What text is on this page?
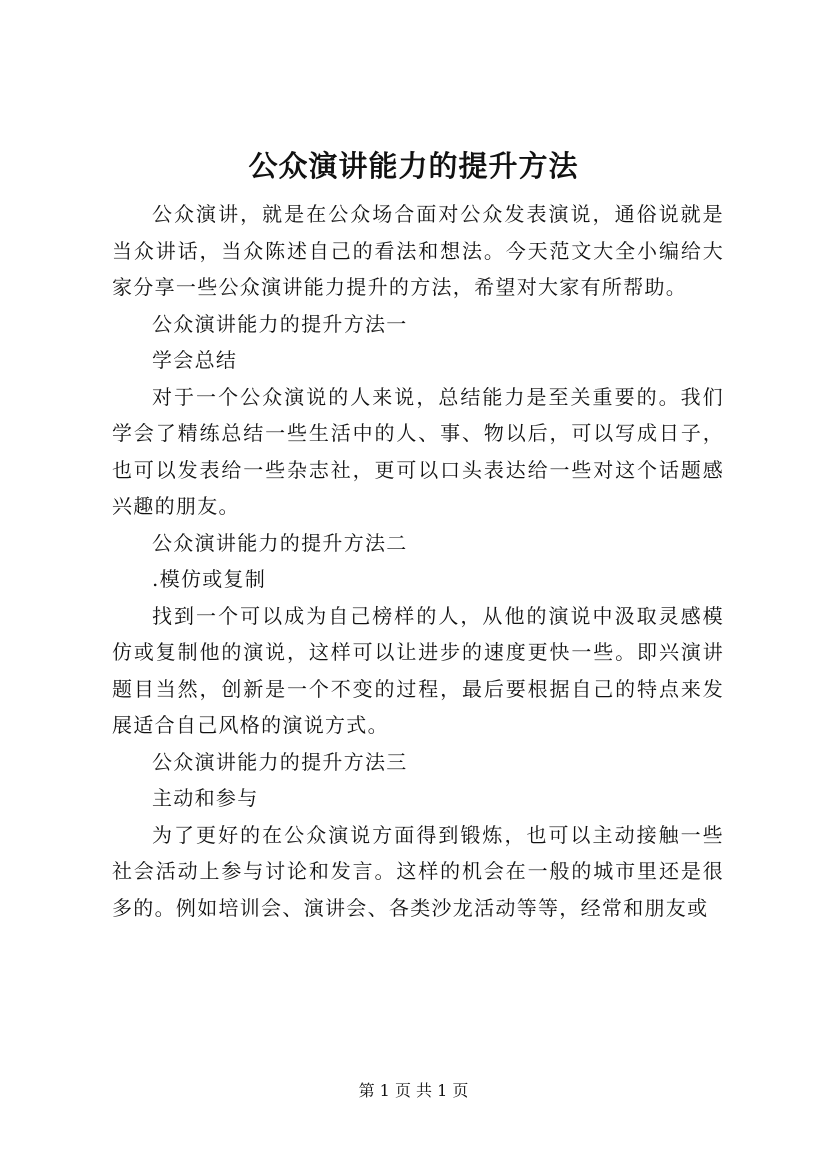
公众演讲能力的提升方法

公众演讲，就是在公众场合面对公众发表演说，通俗说就是当众讲话，当众陈述自己的看法和想法。今天范文大全小编给大家分享一些公众演讲能力提升的方法，希望对大家有所帮助。

公众演讲能力的提升方法一

学会总结

对于一个公众演说的人来说，总结能力是至关重要的。我们学会了精练总结一些生活中的人、事、物以后，可以写成日子，也可以发表给一些杂志社，更可以口头表达给一些对这个话题感兴趣的朋友。

公众演讲能力的提升方法二

.模仿或复制

找到一个可以成为自己榜样的人，从他的演说中汲取灵感模仿或复制他的演说，这样可以让进步的速度更快一些。即兴演讲题目当然，创新是一个不变的过程，最后要根据自己的特点来发展适合自己风格的演说方式。

公众演讲能力的提升方法三

主动和参与

为了更好的在公众演说方面得到锻炼，也可以主动接触一些社会活动上参与讨论和发言。这样的机会在一般的城市里还是很多的。例如培训会、演讲会、各类沙龙活动等等，经常和朋友或

第 1 页 共 1 页
